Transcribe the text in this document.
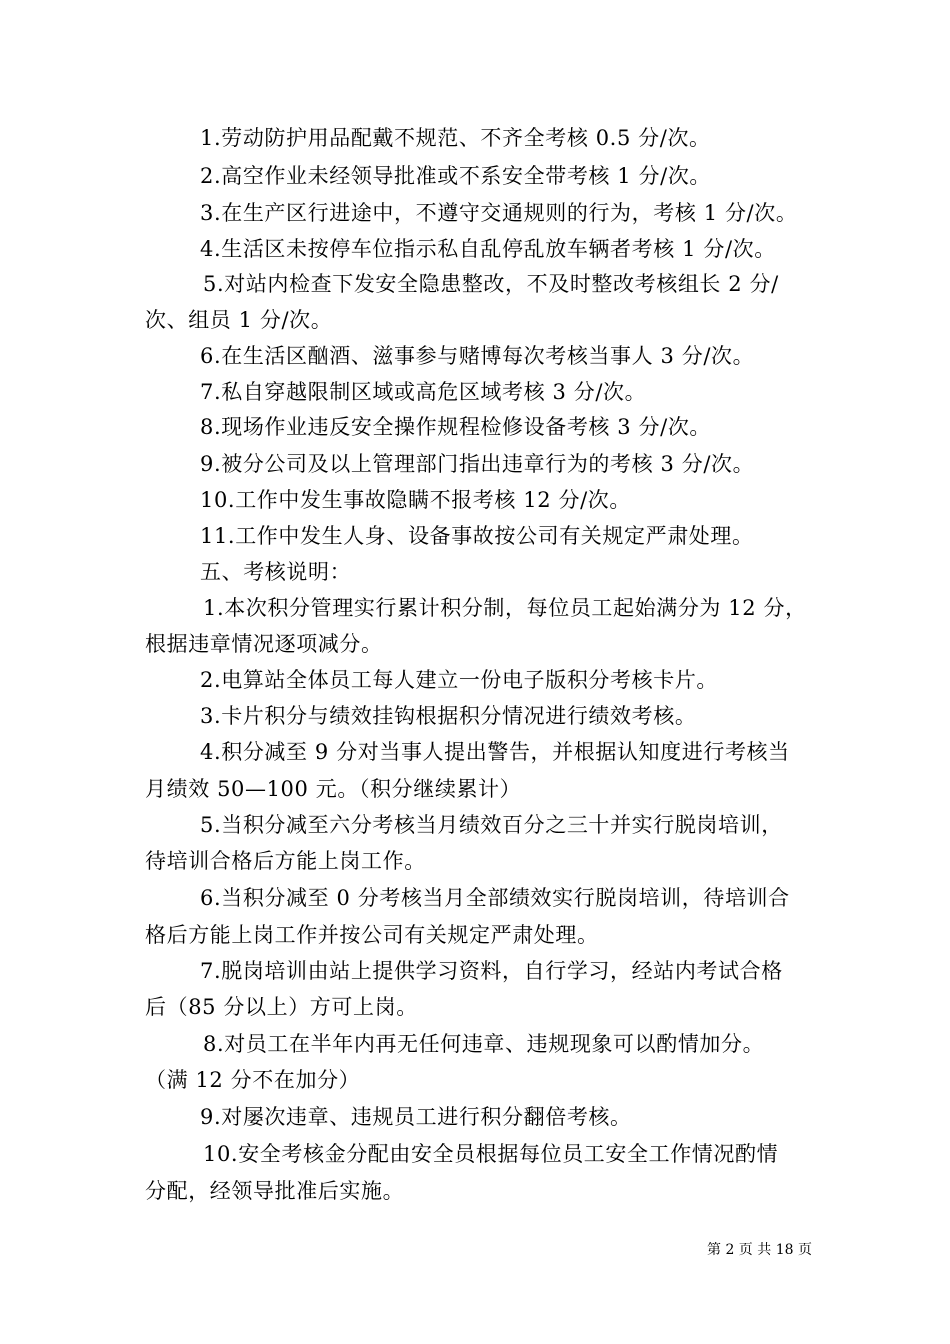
1.劳动防护用品配戴不规范、不齐全考核 0.5 分/次。
2.高空作业未经领导批准或不系安全带考核 1 分/次。
3.在生产区行进途中，不遵守交通规则的行为，考核 1 分/次。
4.生活区未按停车位指示私自乱停乱放车辆者考核 1 分/次。
5.对站内检查下发安全隐患整改，不及时整改考核组长 2 分/
次、组员 1 分/次。
6.在生活区酗酒、滋事参与赌博每次考核当事人 3 分/次。
7.私自穿越限制区域或高危区域考核 3 分/次。
8.现场作业违反安全操作规程检修设备考核 3 分/次。
9.被分公司及以上管理部门指出违章行为的考核 3 分/次。
10.工作中发生事故隐瞒不报考核 12 分/次。
11.工作中发生人身、设备事故按公司有关规定严肃处理。
五、考核说明：
1.本次积分管理实行累计积分制，每位员工起始满分为 12 分，
根据违章情况逐项减分。
2.电算站全体员工每人建立一份电子版积分考核卡片。
3.卡片积分与绩效挂钩根据积分情况进行绩效考核。
4.积分减至 9 分对当事人提出警告，并根据认知度进行考核当
月绩效 50—100 元。（积分继续累计）
5.当积分减至六分考核当月绩效百分之三十并实行脱岗培训，
待培训合格后方能上岗工作。
6.当积分减至 0 分考核当月全部绩效实行脱岗培训，待培训合
格后方能上岗工作并按公司有关规定严肃处理。
7.脱岗培训由站上提供学习资料，自行学习，经站内考试合格
后（85 分以上）方可上岗。
8.对员工在半年内再无任何违章、违规现象可以酌情加分。
（满 12 分不在加分）
9.对屡次违章、违规员工进行积分翻倍考核。
10.安全考核金分配由安全员根据每位员工安全工作情况酌情
分配，经领导批准后实施。
第 2 页 共 18 页
